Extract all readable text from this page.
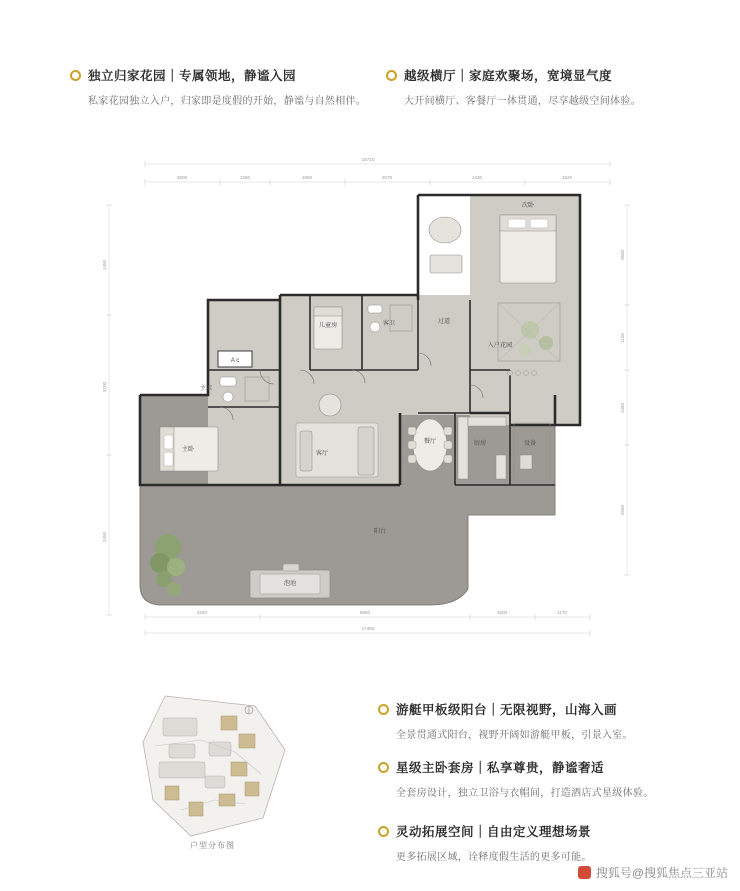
独立归家花园｜专属领地，静谧入园
私家花园独立入户，归家即是度假的开始，静谧与自然相伴。
越级横厅｜家庭欢聚场，宽境显气度
大开间横厅、客餐厅一体贯通，尽享越级空间体验。
游艇甲板级阳台｜无限视野，山海入画
全景贯通式阳台，视野开阔如游艇甲板，引景入室。
星级主卧套房｜私享尊贵，静谧奢适
全套房设计，独立卫浴与衣帽间，打造酒店式星级体验。
灵动拓展空间｜自由定义理想场景
更多拓展区域，诠释度假生活的更多可能。
18710
3800	1250	1950	2570	1430	1620
1450
3200
2450
2600
1100
1450
2550
4250	6960	1600	1170
17480
A c
次卧
儿童房	客卫	过道
入户花园
主卫
主卧
客厅
餐厅	厨房	设备
阳台
泡池
户型分布图
搜狐号@搜狐焦点三亚站
